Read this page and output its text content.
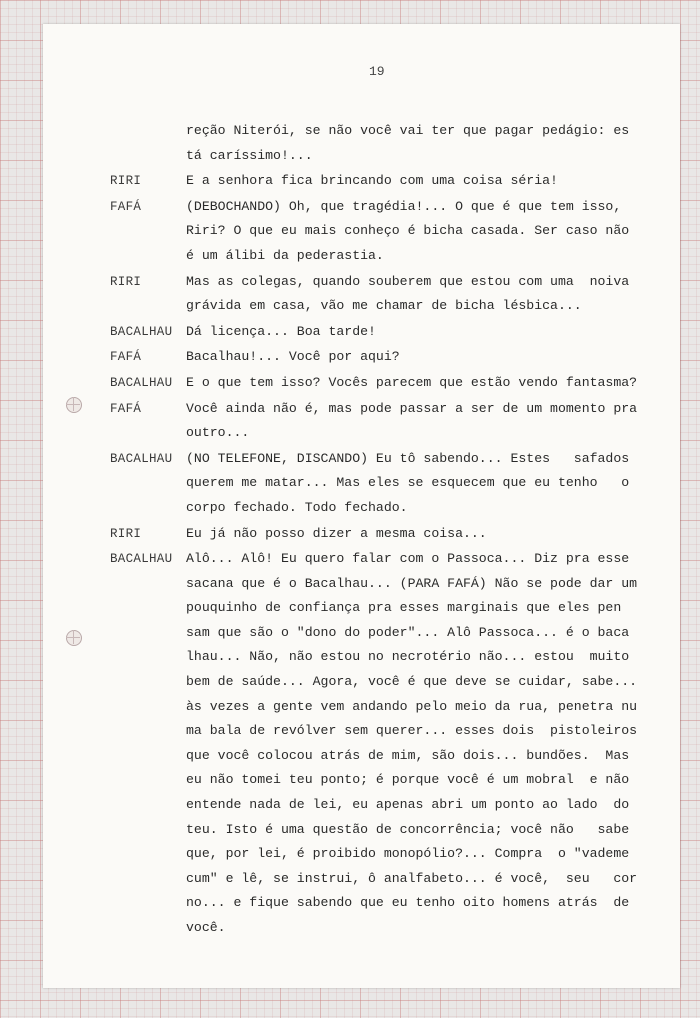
19
reção Niterói, se não você vai ter que pagar pedágio: es
tá caríssimo!...
RIRI	E a senhora fica brincando com uma coisa séria!
FAFÁ	(DEBOCHANDO) Oh, que tragédia!... O que é que tem isso,
Riri? O que eu mais conheço é bicha casada. Ser caso não
é um álibi da pederastia.
RIRI	Mas as colegas, quando souberem que estou com uma  noiva
grávida em casa, vão me chamar de bicha lésbica...
BACALHAU Dá licença... Boa tarde!
FAFÁ	Bacalhau!... Você por aqui?
BACALHAU E o que tem isso? Vocês parecem que estão vendo fantasma?
FAFÁ	Você ainda não é, mas pode passar a ser de um momento pra
outro...
BACALHAU (NO TELEFONE, DISCANDO) Eu tô sabendo... Estes   safados
querem me matar... Mas eles se esquecem que eu tenho   o
corpo fechado. Todo fechado.
RIRI	Eu já não posso dizer a mesma coisa...
BACALHAU Alô... Alô! Eu quero falar com o Passoca... Diz pra esse
sacana que é o Bacalhau... (PARA FAFÁ) Não se pode dar um
pouquinho de confiança pra esses marginais que eles pen
sam que são o "dono do poder"... Alô Passoca... é o baca
lhau... Não, não estou no necrotério não... estou  muito
bem de saúde... Agora, você é que deve se cuidar, sabe...
às vezes a gente vem andando pelo meio da rua, penetra nu
ma bala de revólver sem querer... esses dois  pistoleiros
que você colocou atrás de mim, são dois... bundões.  Mas
eu não tomei teu ponto; é porque você é um mobral  e não
entende nada de lei, eu apenas abri um ponto ao lado  do
teu. Isto é uma questão de concorrência; você não   sabe
que, por lei, é proibido monopólio?... Compra  o "vademe
cum" e lê, se instrui, ô analfabeto... é você,  seu   cor
no... e fique sabendo que eu tenho oito homens atrás  de
você.
